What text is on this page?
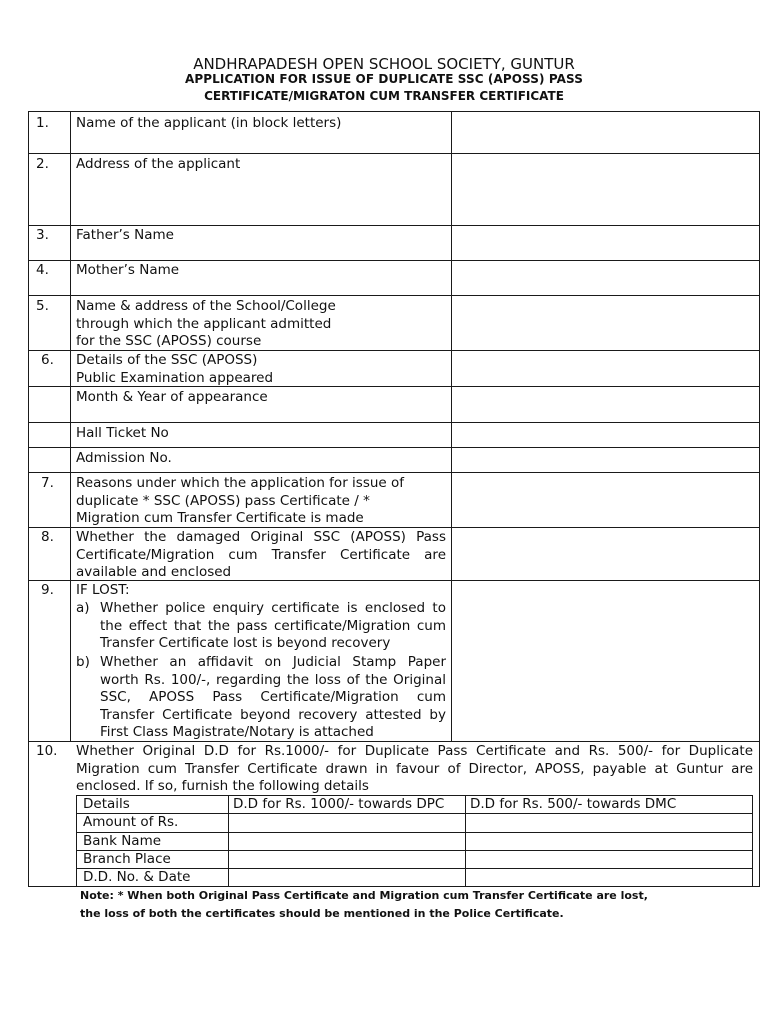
ANDHRAPADESH OPEN SCHOOL SOCIETY, GUNTUR
APPLICATION FOR ISSUE OF DUPLICATE SSC (APOSS) PASS
CERTIFICATE/MIGRATON CUM TRANSFER CERTIFICATE
1. Name of the applicant (in block letters)
2. Address of the applicant
3. Father’s Name
4. Mother’s Name
5. Name & address of the School/College
through which the applicant admitted
for the SSC (APOSS) course
6. Details of the SSC (APOSS)
Public Examination appeared
Month & Year of appearance
Hall Ticket No
Admission No.
7. Reasons under which the application for issue of
duplicate * SSC (APOSS) pass Certificate / *
Migration cum Transfer Certificate is made
8. Whether the damaged Original SSC (APOSS) Pass
Certificate/Migration cum Transfer Certificate are
available and enclosed
9. IF LOST:
a) Whether police enquiry certificate is enclosed to
the effect that the pass certificate/Migration cum
Transfer Certificate lost is beyond recovery
b) Whether an affidavit on Judicial Stamp Paper
worth Rs. 100/-, regarding the loss of the Original
SSC, APOSS Pass Certificate/Migration cum
Transfer Certificate beyond recovery attested by
First Class Magistrate/Notary is attached
10. Whether Original D.D for Rs.1000/- for Duplicate Pass Certificate and Rs. 500/- for Duplicate
Migration cum Transfer Certificate drawn in favour of Director, APOSS, payable at Guntur are
enclosed. If so, furnish the following details
Details	D.D for Rs. 1000/- towards DPC D.D for Rs. 500/- towards DMC
Amount of Rs.
Bank Name
Branch Place
D.D. No. & Date
Note: * When both Original Pass Certificate and Migration cum Transfer Certificate are lost,
the loss of both the certificates should be mentioned in the Police Certificate.
